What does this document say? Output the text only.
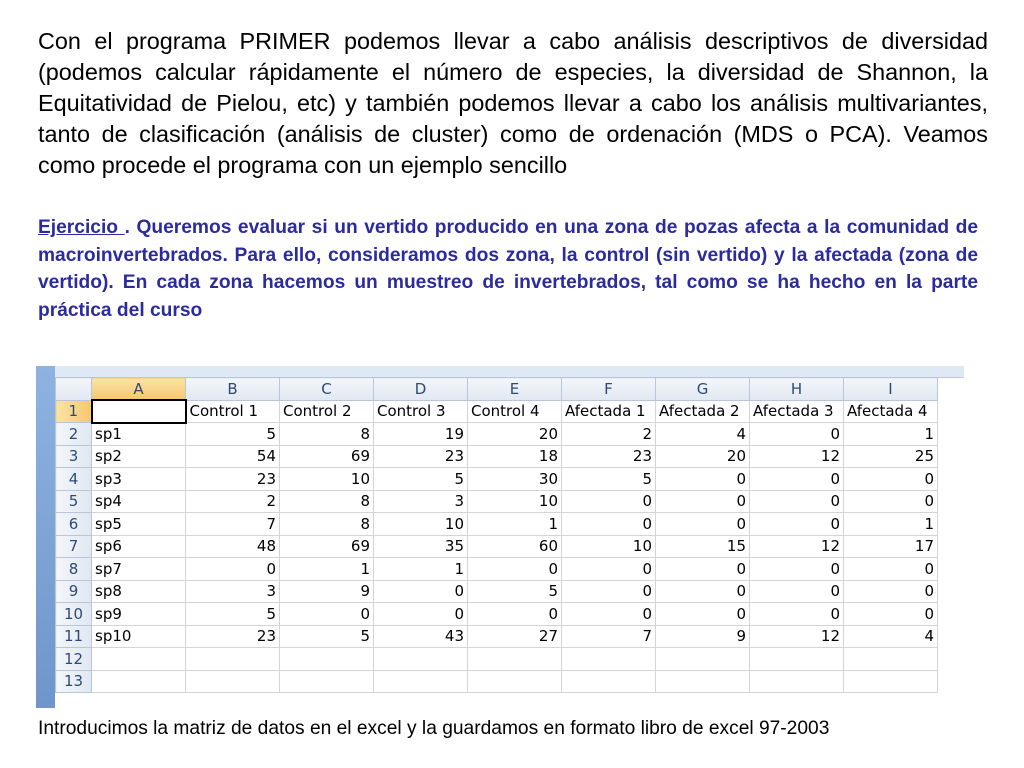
Con el programa PRIMER podemos llevar a cabo análisis descriptivos de diversidad (podemos calcular rápidamente el número de especies, la diversidad de Shannon, la Equitatividad de Pielou, etc) y también podemos llevar a cabo los análisis multivariantes, tanto de clasificación (análisis de cluster) como de ordenación (MDS o PCA). Veamos como procede el programa con un ejemplo sencillo
Ejercicio . Queremos evaluar si un vertido producido en una zona de pozas afecta a la comunidad de macroinvertebrados. Para ello, consideramos dos zona, la control (sin vertido) y la afectada (zona de vertido). En cada zona hacemos un muestreo de invertebrados, tal como se ha hecho en la parte práctica del curso
	A	B	C	D	E	F	G	H	I
1		Control 1	Control 2	Control 3	Control 4	Afectada 1	Afectada 2	Afectada 3	Afectada 4
2	sp1	5	8	19	20	2	4	0	1
3	sp2	54	69	23	18	23	20	12	25
4	sp3	23	10	5	30	5	0	0	0
5	sp4	2	8	3	10	0	0	0	0
6	sp5	7	8	10	1	0	0	0	1
7	sp6	48	69	35	60	10	15	12	17
8	sp7	0	1	1	0	0	0	0	0
9	sp8	3	9	0	5	0	0	0	0
10	sp9	5	0	0	0	0	0	0	0
11	sp10	23	5	43	27	7	9	12	4
12									
13									
Introducimos la matriz de datos en el excel y la guardamos en formato libro de excel 97-2003
